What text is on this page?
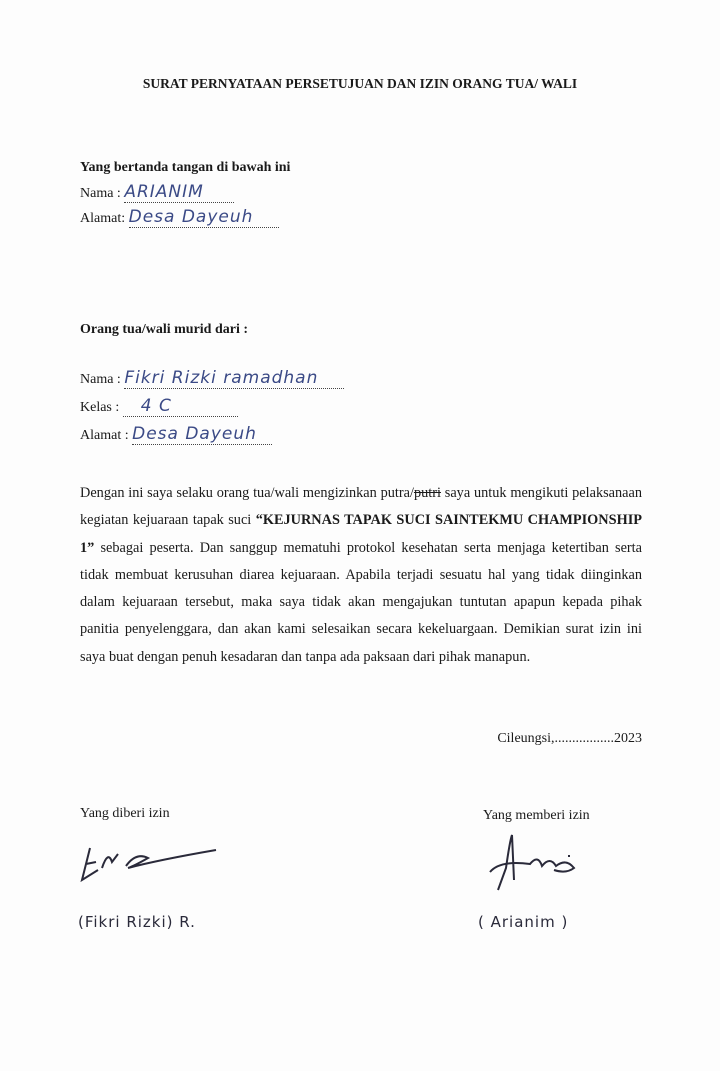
SURAT PERNYATAAN PERSETUJUAN DAN IZIN ORANG TUA/ WALI
Yang bertanda tangan di bawah ini
Nama : ARIANIM
Alamat: Desa Dayeuh
Orang tua/wali murid dari :
Nama : Fikri Rizki ramadhan
Kelas : 4 C
Alamat : Desa Dayeuh
Dengan ini saya selaku orang tua/wali mengizinkan putra/putri saya untuk mengikuti pelaksanaan kegiatan kejuaraan tapak suci “KEJURNAS TAPAK SUCI SAINTEKMU CHAMPIONSHIP 1” sebagai peserta. Dan sanggup mematuhi protokol kesehatan serta menjaga ketertiban serta tidak membuat kerusuhan diarea kejuaraan. Apabila terjadi sesuatu hal yang tidak diinginkan dalam kejuaraan tersebut, maka saya tidak akan mengajukan tuntutan apapun kepada pihak panitia penyelenggara, dan akan kami selesaikan secara kekeluargaan. Demikian surat izin ini saya buat dengan penuh kesadaran dan tanpa ada paksaan dari pihak manapun.
Cileungsi,.................2023
Yang diberi izin	Yang memberi izin
(Fikri Rizki) R.	( Arianim )
